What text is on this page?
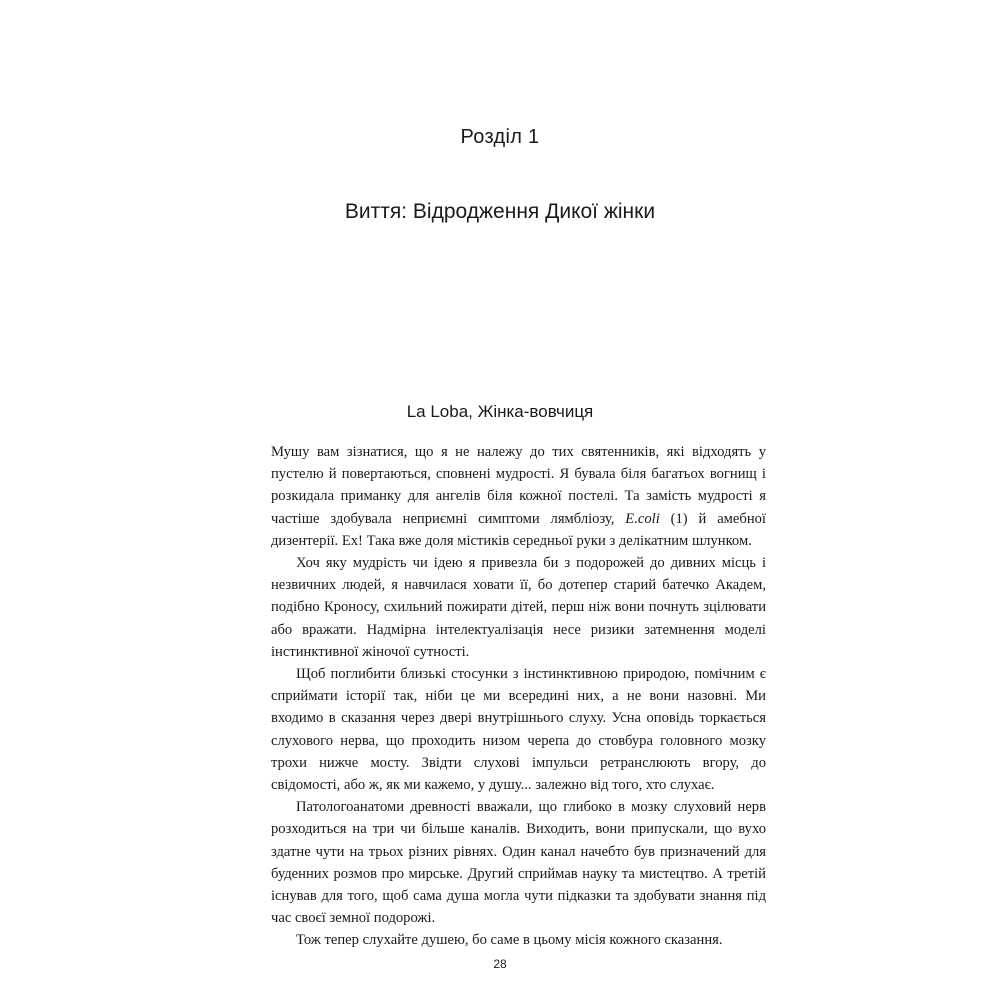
Розділ 1
Виття: Відродження Дикої жінки
La Loba, Жінка-вовчиця

Мушу вам зізнатися, що я не належу до тих святенників, які відходять у пустелю й повертаються, сповнені мудрості. Я бувала біля багатьох вогнищ і розкидала приманку для ангелів біля кожної постелі. Та замість мудрості я частіше здобувала неприємні симптоми лямбліозу, E.coli (1) й амебної дизентерії. Ех! Така вже доля містиків середньої руки з делікатним шлунком.

Хоч яку мудрість чи ідею я привезла би з подорожей до дивних місць і незвичних людей, я навчилася ховати її, бо дотепер старий батечко Академ, подібно Кроносу, схильний пожирати дітей, перш ніж вони почнуть зцілювати або вражати. Надмірна інтелектуалізація несе ризики затемнення моделі інстинктивної жіночої сутності.

Щоб поглибити близькі стосунки з інстинктивною природою, помічним є сприймати історії так, ніби це ми всередині них, а не вони назовні. Ми входимо в сказання через двері внутрішнього слуху. Усна оповідь торкається слухового нерва, що проходить низом черепа до стовбура головного мозку трохи нижче мосту. Звідти слухові імпульси ретранслюють вгору, до свідомості, або ж, як ми кажемо, у душу... залежно від того, хто слухає.

Патологоанатоми древності вважали, що глибоко в мозку слуховий нерв розходиться на три чи більше каналів. Виходить, вони припускали, що вухо здатне чути на трьох різних рівнях. Один канал начебто був призначений для буденних розмов про мирське. Другий сприймав науку та мистецтво. А третій існував для того, щоб сама душа могла чути підказки та здобувати знання під час своєї земної подорожі.

Тож тепер слухайте душею, бо саме в цьому місія кожного сказання.

28
